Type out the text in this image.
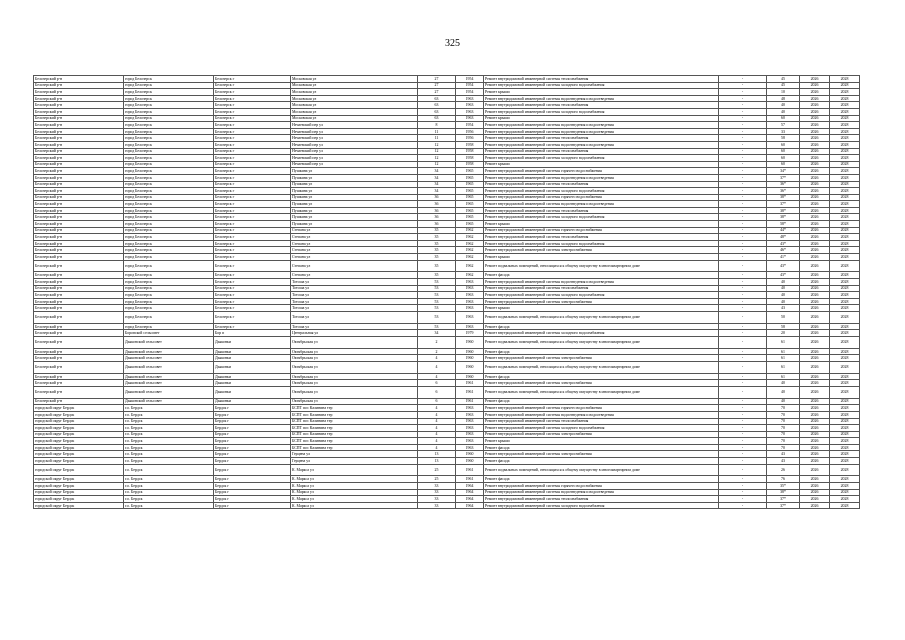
325
Белозерский р-н	город Белозерск	Белозерск г	Московская ул	27	1954	Ремонт внутридомовой инженерной системы теплоснабжения	-	45	2026	2028
Белозерский р-н	город Белозерск	Белозерск г	Московская ул	27	1954	Ремонт внутридомовой инженерной системы холодного водоснабжения	-	45	2026	2028
Белозерский р-н	город Белозерск	Белозерск г	Московская ул	27	1954	Ремонт крыши	-	10	2026	2028
Белозерский р-н	город Белозерск	Белозерск г	Московская ул	63	1963	Ремонт внутридомовой инженерной системы водоотведения и водоотведения	-	48	2026	2028
Белозерский р-н	город Белозерск	Белозерск г	Московская ул	63	1963	Ремонт внутридомовой инженерной системы теплоснабжения	-	40	2026	2028
Белозерский р-н	город Белозерск	Белозерск г	Московская ул	63	1963	Ремонт внутридомовой инженерной системы холодного водоснабжения	-	40	2026	2028
Белозерский р-н	город Белозерск	Белозерск г	Московская ул	63	1963	Ремонт крыши	-	60	2026	2028
Белозерский р-н	город Белозерск	Белозерск г	Нечаевский пер ул	8	1954	Ремонт внутридомовой инженерной системы водоотведения и водоотведения	-	57	2026	2028
Белозерский р-н	город Белозерск	Белозерск г	Нечаевский пер ул	11	1956	Ремонт внутридомовой инженерной системы водоотведения и водоотведения	-	33	2026	2028
Белозерский р-н	город Белозерск	Белозерск г	Нечаевский пер ул	11	1956	Ремонт внутридомовой инженерной системы теплоснабжения	-	58	2026	2028
Белозерский р-н	город Белозерск	Белозерск г	Нечаевский пер ул	12	1958	Ремонт внутридомовой инженерной системы водоотведения и водоотведения	-	60	2026	2028
Белозерский р-н	город Белозерск	Белозерск г	Нечаевский пер ул	12	1958	Ремонт внутридомовой инженерной системы теплоснабжения	-	60	2026	2028
Белозерский р-н	город Белозерск	Белозерск г	Нечаевский пер ул	12	1958	Ремонт внутридомовой инженерной системы холодного водоснабжения	-	60	2026	2028
Белозерский р-н	город Белозерск	Белозерск г	Нечаевский пер ул	12	1958	Ремонт крыши	-	60	2026	2028
Белозерский р-н	город Белозерск	Белозерск г	Пушкина ул	34	1965	Ремонт внутридомовой инженерной системы горячего водоснабжения	-	34*	2026	2028
Белозерский р-н	город Белозерск	Белозерск г	Пушкина ул	34	1965	Ремонт внутридомовой инженерной системы водоотведения и водоотведения	-	37*	2026	2028
Белозерский р-н	город Белозерск	Белозерск г	Пушкина ул	34	1965	Ремонт внутридомовой инженерной системы теплоснабжения	-	36*	2026	2028
Белозерский р-н	город Белозерск	Белозерск г	Пушкина ул	34	1965	Ремонт внутридомовой инженерной системы холодного водоснабжения	-	36*	2026	2028
Белозерский р-н	город Белозерск	Белозерск г	Пушкина ул	36	1965	Ремонт внутридомовой инженерной системы горячего водоснабжения	-	38*	2026	2028
Белозерский р-н	город Белозерск	Белозерск г	Пушкина ул	36	1965	Ремонт внутридомовой инженерной системы водоотведения и водоотведения	-	37*	2026	2028
Белозерский р-н	город Белозерск	Белозерск г	Пушкина ул	36	1965	Ремонт внутридомовой инженерной системы теплоснабжения	-	38*	2026	2028
Белозерский р-н	город Белозерск	Белозерск г	Пушкина ул	36	1965	Ремонт внутридомовой инженерной системы холодного водоснабжения	-	38*	2026	2028
Белозерский р-н	город Белозерск	Белозерск г	Пушкина ул	36	1965	Ремонт крыши	-	58*	2026	2028
Белозерский р-н	город Белозерск	Белозерск г	Степана ул	35	1962	Ремонт внутридомовой инженерной системы горячего водоснабжения	-	44*	2026	2028
Белозерский р-н	город Белозерск	Белозерск г	Степана ул	35	1962	Ремонт внутридомовой инженерной системы теплоснабжения	-	48*	2026	2028
Белозерский р-н	город Белозерск	Белозерск г	Степана ул	35	1962	Ремонт внутридомовой инженерной системы холодного водоснабжения	-	43*	2026	2028
Белозерский р-н	город Белозерск	Белозерск г	Степана ул	35	1962	Ремонт внутридомовой инженерной системы электроснабжения	-	46*	2026	2028
Белозерский р-н	город Белозерск	Белозерск г	Степана ул	35	1962	Ремонт крыши	-	41*	2026	2028
Белозерский р-н	город Белозерск	Белозерск г	Степана ул	35	1962	Ремонт подвальных помещений, относящихся к общему имуществу в многоквартирном доме	-	43*	2026	2028
Белозерский р-н	город Белозерск	Белозерск г	Степана ул	35	1962	Ремонт фасада	-	43*	2026	2028
Белозерский р-н	город Белозерск	Белозерск г	Тотоша ул	53	1963	Ремонт внутридомовой инженерной системы водоотведения и водоотведения	-	40	2026	2028
Белозерский р-н	город Белозерск	Белозерск г	Тотоша ул	53	1963	Ремонт внутридомовой инженерной системы теплоснабжения	-	40	2026	2028
Белозерский р-н	город Белозерск	Белозерск г	Тотоша ул	53	1963	Ремонт внутридомовой инженерной системы холодного водоснабжения	-	40	2026	2028
Белозерский р-н	город Белозерск	Белозерск г	Тотоша ул	53	1963	Ремонт внутридомовой инженерной системы электроснабжения	-	40	2026	2028
Белозерский р-н	город Белозерск	Белозерск г	Тотоша ул	53	1963	Ремонт крыши	-	43	2026	2028
Белозерский р-н	город Белозерск	Белозерск г	Тотоша ул	53	1963	Ремонт подвальных помещений, относящихся к общему имуществу в многоквартирном доме	-	50	2026	2028
Белозерский р-н	город Белозерск	Белозерск г	Тотоша ул	53	1963	Ремонт фасада	-	58	2026	2028
Белозерский р-н	Боровской сельсовет	Бор п	Центральная ул	34	1979	Ремонт внутридомовой инженерной системы холодного водоснабжения	-	20	2026	2028
Белозерский р-н	Дьяконский сельсовет	Дьяконки	Октябрьская ул	2	1960	Ремонт подвальных помещений, относящихся к общему имуществу в многоквартирном доме	-	61	2026	2028
Белозерский р-н	Дьяконский сельсовет	Дьяконки	Октябрьская ул	2	1960	Ремонт фасада	-	61	2026	2028
Белозерский р-н	Дьяконский сельсовет	Дьяконки	Октябрьская ул	4	1960	Ремонт внутридомовой инженерной системы электроснабжения	-	61	2026	2028
Белозерский р-н	Дьяконский сельсовет	Дьяконки	Октябрьская ул	4	1960	Ремонт подвальных помещений, относящихся к общему имуществу в многоквартирном доме	-	61	2026	2028
Белозерский р-н	Дьяконский сельсовет	Дьяконки	Октябрьская ул	4	1960	Ремонт фасада	-	61	2026	2028
Белозерский р-н	Дьяконский сельсовет	Дьяконки	Октябрьская ул	6	1961	Ремонт внутридомовой инженерной системы электроснабжения	-	40	2026	2028
Белозерский р-н	Дьяконский сельсовет	Дьяконки	Октябрьская ул	6	1961	Ремонт подвальных помещений, относящихся к общему имуществу в многоквартирном доме	-	40	2026	2028
Белозерский р-н	Дьяконский сельсовет	Дьяконки	Октябрьская ул	6	1961	Ремонт фасада	-	40	2026	2028
городской округ Бердск	г.о. Бердск	Бердск г	БСПТ пос Калинина тер	4	1963	Ремонт внутридомовой инженерной системы горячего водоснабжения	-	70	2026	2028
городской округ Бердск	г.о. Бердск	Бердск г	БСПТ пос Калинина тер	4	1963	Ремонт внутридомовой инженерной системы водоотведения и водоотведения	-	70	2026	2028
городской округ Бердск	г.о. Бердск	Бердск г	БСПТ пос Калинина тер	4	1963	Ремонт внутридомовой инженерной системы теплоснабжения	-	70	2026	2028
городской округ Бердск	г.о. Бердск	Бердск г	БСПТ пос Калинина тер	4	1963	Ремонт внутридомовой инженерной системы холодного водоснабжения	-	70	2026	2028
городской округ Бердск	г.о. Бердск	Бердск г	БСПТ пос Калинина тер	4	1963	Ремонт внутридомовой инженерной системы электроснабжения	-	70	2026	2028
городской округ Бердск	г.о. Бердск	Бердск г	БСПТ пос Калинина тер	4	1963	Ремонт крыши	-	70	2026	2028
городской округ Бердск	г.о. Бердск	Бердск г	БСПТ пос Калинина тер	4	1963	Ремонт фасада	-	70	2026	2028
городской округ Бердск	г.о. Бердск	Бердск г	Герцена ул	13	1960	Ремонт внутридомовой инженерной системы электроснабжения	-	43	2026	2028
городской округ Бердск	г.о. Бердск	Бердск г	Герцена ул	13	1960	Ремонт фасада	-	43	2026	2028
городской округ Бердск	г.о. Бердск	Бердск г	К. Маркса ул	25	1961	Ремонт подвальных помещений, относящихся к общему имуществу в многоквартирном доме	-	26	2026	2028
городской округ Бердск	г.о. Бердск	Бердск г	К. Маркса ул	25	1961	Ремонт фасада	-	76	2026	2028
городской округ Бердск	г.о. Бердск	Бердск г	К. Маркса ул	33	1964	Ремонт внутридомовой инженерной системы горячего водоснабжения	-	35*	2026	2028
городской округ Бердск	г.о. Бердск	Бердск г	К. Маркса ул	33	1964	Ремонт внутридомовой инженерной системы водоотведения и водоотведения	-	38*	2026	2028
городской округ Бердск	г.о. Бердск	Бердск г	К. Маркса ул	33	1964	Ремонт внутридомовой инженерной системы теплоснабжения	-	37*	2026	2028
городской округ Бердск	г.о. Бердск	Бердск г	К. Маркса ул	33	1964	Ремонт внутридомовой инженерной системы холодного водоснабжения	-	37*	2026	2028
